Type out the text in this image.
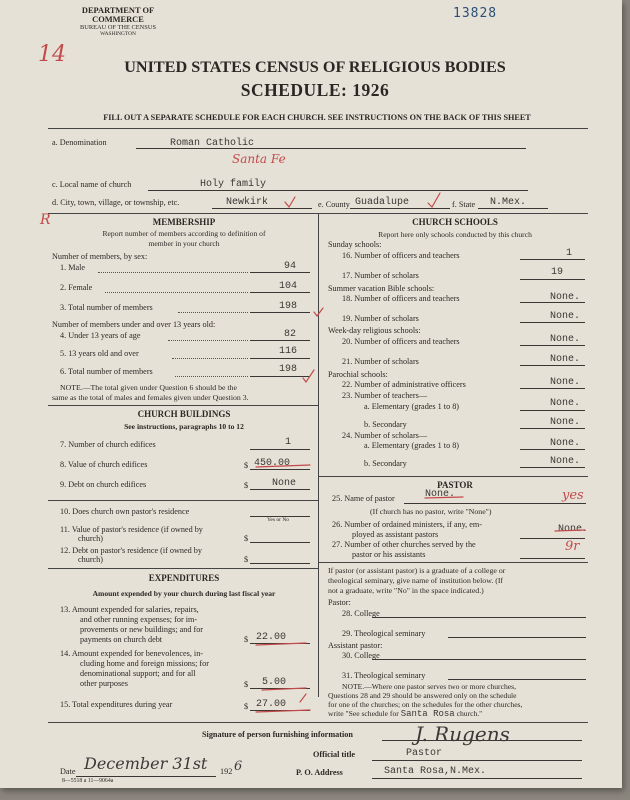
DEPARTMENT OF COMMERCE
BUREAU OF THE CENSUS
WASHINGTON
13828
14	UNITED STATES CENSUS OF RELIGIOUS BODIES
SCHEDULE: 1926
FILL OUT A SEPARATE SCHEDULE FOR EACH CHURCH. SEE INSTRUCTIONS ON THE BACK OF THIS SHEET
a. Denomination	Roman Catholic
Santa Fe
c. Local name of church	Holy family
d. City, town, village, or township, etc.	Newkirk	e. County Guadalupe	f. State N.Mex.
R	MEMBERSHIP
Report number of members according to definition of
member in your church
Number of members, by sex:
1. Male	94
2. Female	104
3. Total number of members	198
Number of members under and over 13 years old:
4. Under 13 years of age	82
5. 13 years old and over	116
6. Total number of members	198
NOTE.—The total given under Question 6 should be the
same as the total of males and females given under Question 3.
CHURCH BUILDINGS
See instructions, paragraphs 10 to 12
7. Number of church edifices	1
8. Value of church edifices	$ 450.00
9. Debt on church edifices	$ None
10. Does church own pastor's residence
Yes or No
11. Value of pastor's residence (if owned by
church)	$
12. Debt on pastor's residence (if owned by
church)	$
EXPENDITURES
Amount expended by your church during last fiscal year
13. Amount expended for salaries, repairs,
and other running expenses; for im-
provements or new buildings; and for
payments on church debt	$ 22.00
14. Amount expended for benevolences, in-
cluding home and foreign missions; for
denominational support; and for all
other purposes	$ 5.00
15. Total expenditures during year	$ 27.00
CHURCH SCHOOLS
Report here only schools conducted by this church
Sunday schools:
16. Number of officers and teachers	1
17. Number of scholars	19
Summer vacation Bible schools:
18. Number of officers and teachers	None.
19. Number of scholars	None.
Week-day religious schools:
20. Number of officers and teachers	None.
21. Number of scholars	None.
Parochial schools:
22. Number of administrative officers	None.
23. Number of teachers—
a. Elementary (grades 1 to 8)	None.
b. Secondary	None.
24. Number of scholars—
a. Elementary (grades 1 to 8)	None.
b. Secondary	None.
PASTOR
25. Name of pastor	None.	yes
(If church has no pastor, write "None")
26. Number of ordained ministers, if any, em-
ployed as assistant pastors	None.
27. Number of other churches served by the
pastor or his assistants
9r
If pastor (or assistant pastor) is a graduate of a college or
theological seminary, give name of institution below. (If
not a graduate, write "No" in the space indicated.)
Pastor:
28. College
29. Theological seminary
Assistant pastor:
30. College
31. Theological seminary
NOTE.—Where one pastor serves two or more churches,
Questions 28 and 29 should be answered only on the schedule
for one of the churches; on the schedules for the other churches,
write "See schedule for Santa Rosa church."
Signature of person furnishing information	J. Rugens
Official title	Pastor
Date December 31st 192 6	P. O. Address	Santa Rosa,N.Mex.
8—5518 a 11—9064a
